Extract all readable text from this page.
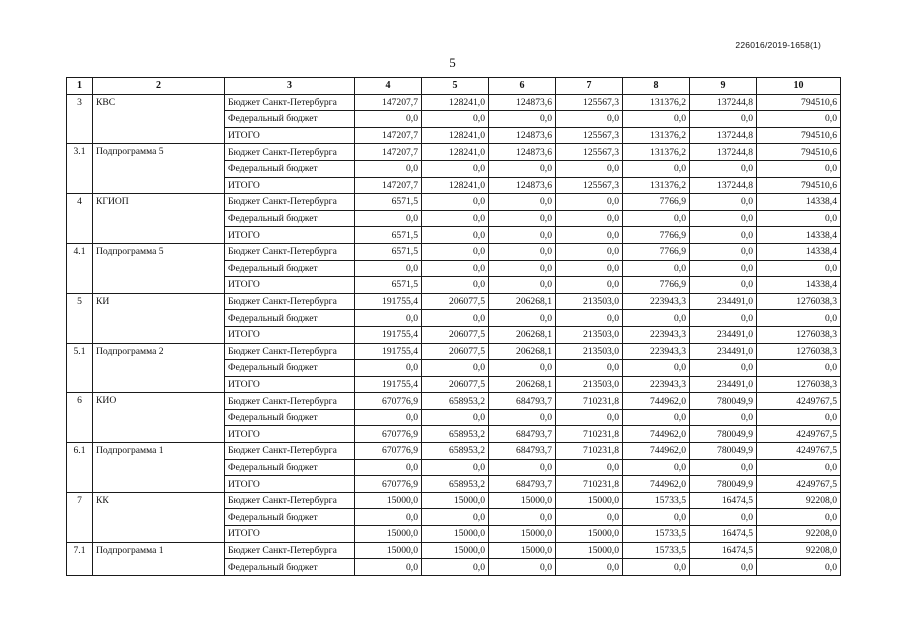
226016/2019-1658(1)
5
1	2	3	4	5	6	7	8	9	10
3	КВС	Бюджет Санкт-Петербурга	147207,7	128241,0	124873,6	125567,3	131376,2	137244,8	794510,6
		Федеральный бюджет	0,0	0,0	0,0	0,0	0,0	0,0	0,0
		ИТОГО	147207,7	128241,0	124873,6	125567,3	131376,2	137244,8	794510,6
3.1	Подпрограмма 5	Бюджет Санкт-Петербурга	147207,7	128241,0	124873,6	125567,3	131376,2	137244,8	794510,6
		Федеральный бюджет	0,0	0,0	0,0	0,0	0,0	0,0	0,0
		ИТОГО	147207,7	128241,0	124873,6	125567,3	131376,2	137244,8	794510,6
4	КГИОП	Бюджет Санкт-Петербурга	6571,5	0,0	0,0	0,0	7766,9	0,0	14338,4
		Федеральный бюджет	0,0	0,0	0,0	0,0	0,0	0,0	0,0
		ИТОГО	6571,5	0,0	0,0	0,0	7766,9	0,0	14338,4
4.1	Подпрограмма 5	Бюджет Санкт-Петербурга	6571,5	0,0	0,0	0,0	7766,9	0,0	14338,4
		Федеральный бюджет	0,0	0,0	0,0	0,0	0,0	0,0	0,0
		ИТОГО	6571,5	0,0	0,0	0,0	7766,9	0,0	14338,4
5	КИ	Бюджет Санкт-Петербурга	191755,4	206077,5	206268,1	213503,0	223943,3	234491,0	1276038,3
		Федеральный бюджет	0,0	0,0	0,0	0,0	0,0	0,0	0,0
		ИТОГО	191755,4	206077,5	206268,1	213503,0	223943,3	234491,0	1276038,3
5.1	Подпрограмма 2	Бюджет Санкт-Петербурга	191755,4	206077,5	206268,1	213503,0	223943,3	234491,0	1276038,3
		Федеральный бюджет	0,0	0,0	0,0	0,0	0,0	0,0	0,0
		ИТОГО	191755,4	206077,5	206268,1	213503,0	223943,3	234491,0	1276038,3
6	КИО	Бюджет Санкт-Петербурга	670776,9	658953,2	684793,7	710231,8	744962,0	780049,9	4249767,5
		Федеральный бюджет	0,0	0,0	0,0	0,0	0,0	0,0	0,0
		ИТОГО	670776,9	658953,2	684793,7	710231,8	744962,0	780049,9	4249767,5
6.1	Подпрограмма 1	Бюджет Санкт-Петербурга	670776,9	658953,2	684793,7	710231,8	744962,0	780049,9	4249767,5
		Федеральный бюджет	0,0	0,0	0,0	0,0	0,0	0,0	0,0
		ИТОГО	670776,9	658953,2	684793,7	710231,8	744962,0	780049,9	4249767,5
7	КК	Бюджет Санкт-Петербурга	15000,0	15000,0	15000,0	15000,0	15733,5	16474,5	92208,0
		Федеральный бюджет	0,0	0,0	0,0	0,0	0,0	0,0	0,0
		ИТОГО	15000,0	15000,0	15000,0	15000,0	15733,5	16474,5	92208,0
7.1	Подпрограмма 1	Бюджет Санкт-Петербурга	15000,0	15000,0	15000,0	15000,0	15733,5	16474,5	92208,0
		Федеральный бюджет	0,0	0,0	0,0	0,0	0,0	0,0	0,0
